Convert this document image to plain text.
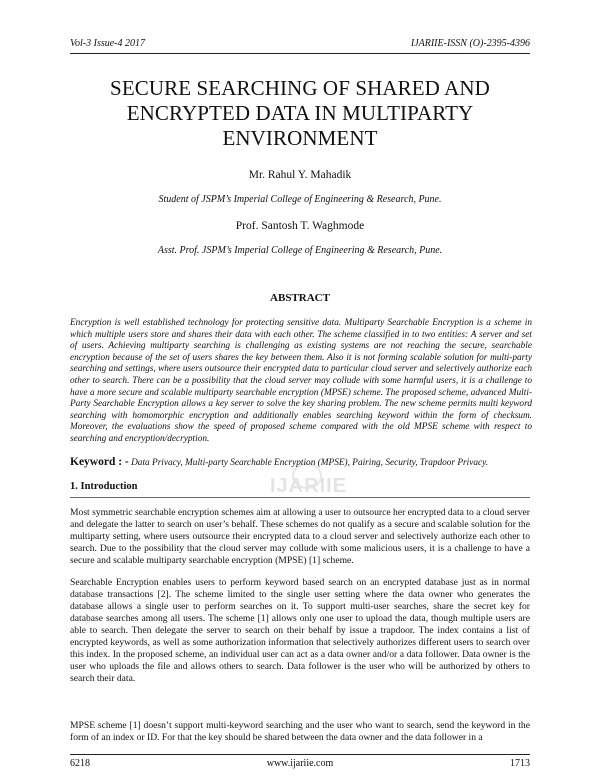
Vol-3 Issue-4 2017	IJARIIE-ISSN (O)-2395-4396
SECURE SEARCHING OF SHARED AND ENCRYPTED DATA IN MULTIPARTY ENVIRONMENT
Mr. Rahul Y. Mahadik
Student of JSPM’s Imperial College of Engineering & Research, Pune.
Prof. Santosh T. Waghmode
Asst. Prof. JSPM’s Imperial College of Engineering & Research, Pune.
ABSTRACT
Encryption is well established technology for protecting sensitive data. Multiparty Searchable Encryption is a scheme in which multiple users store and shares their data with each other. The scheme classified in to two entities: A server and set of users. Achieving multiparty searching is challenging as existing systems are not reaching the secure, searchable encryption because of the set of users shares the key between them. Also it is not forming scalable solution for multi-party searching and settings, where users outsource their encrypted data to particular cloud server and selectively authorize each other to search. There can be a possibility that the cloud server may collude with some harmful users, it is a challenge to have a more secure and scalable multiparty searchable encryption (MPSE) scheme. The proposed scheme, advanced Multi-Party Searchable Encryption allows a key server to solve the key sharing problem. The new scheme permits multi keyword searching with homomorphic encryption and additionally enables searching keyword within the form of checksum. Moreover, the evaluations show the speed of proposed scheme compared with the old MPSE scheme with respect to searching and encryption/decryption.
IJARIIE
Keyword : - Data Privacy, Multi-party Searchable Encryption (MPSE), Pairing, Security, Trapdoor Privacy.
1. Introduction
Most symmetric searchable encryption schemes aim at allowing a user to outsource her encrypted data to a cloud server and delegate the latter to search on user’s behalf. These schemes do not qualify as a secure and scalable solution for the multiparty setting, where users outsource their encrypted data to a cloud server and selectively authorize each other to search. Due to the possibility that the cloud server may collude with some malicious users, it is a challenge to have a secure and scalable multiparty searchable encryption (MPSE) [1] scheme.
Searchable Encryption enables users to perform keyword based search on an encrypted database just as in normal database transactions [2]. The scheme limited to the single user setting where the data owner who generates the database allows a single user to perform searches on it. To support multi-user searches, share the secret key for database searches among all users. The scheme [1] allows only one user to upload the data, though multiple users are able to search. Then delegate the server to search on their behalf by issue a trapdoor. The index contains a list of encrypted keywords, as well as some authorization information that selectively authorizes different users to search over this index. In the proposed scheme, an individual user can act as a data owner and/or a data follower. Data owner is the user who uploads the file and allows others to search. Data follower is the user who will be authorized by others to search their data.
MPSE scheme [1] doesn’t support multi-keyword searching and the user who want to search, send the keyword in the form of an index or ID. For that the key should be shared between the data owner and the data follower in a
6218	www.ijariie.com	1713
